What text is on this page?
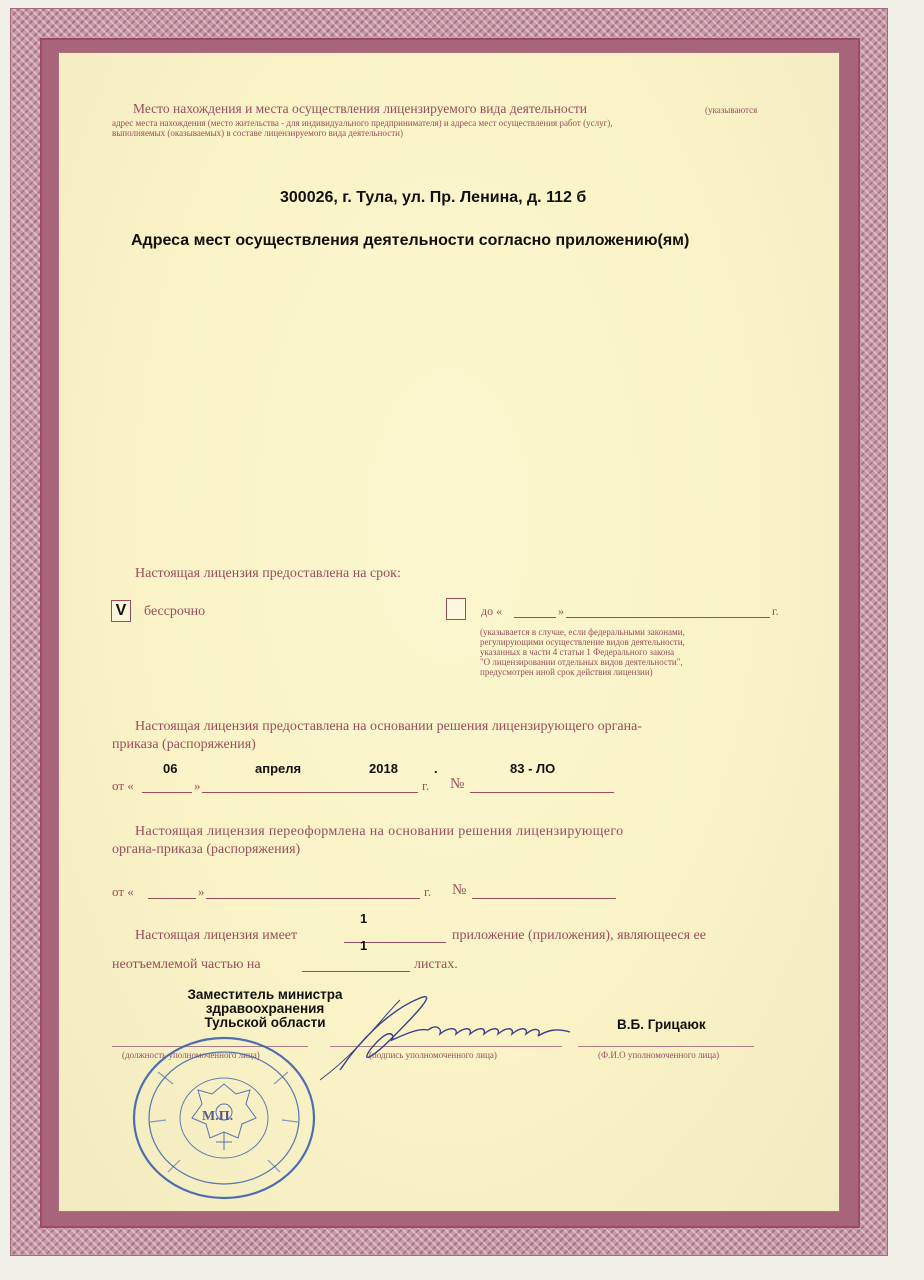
Место нахождения и места осуществления лицензируемого вида деятельности	(указываются
адрес места нахождения (место жительства - для индивидуального предпринимателя) и адреса мест осуществления работ (услуг),
выполняемых (оказываемых) в составе лицензируемого вида деятельности)
300026, г. Тула, ул. Пр. Ленина, д. 112 б
Адреса мест осуществления деятельности согласно приложению(ям)
Настоящая лицензия предоставлена на срок:
V бессрочно	до «	»	г.
(указывается в случае, если федеральными законами,
регулирующими осуществление видов деятельности,
указанных в части 4 статьи 1 Федерального закона
"О лицензировании отдельных видов деятельности",
предусмотрен иной срок действия лицензии)
Настоящая лицензия предоставлена на основании решения лицензирующего органа-
приказа (распоряжения)
06	апреля	2018	.	83 - ЛО
от «	»	г. №
Настоящая лицензия переоформлена на основании решения лицензирующего
органа-приказа (распоряжения)
от «	»	г. №
1
Настоящая лицензия имеет	приложение (приложения), являющееся ее
1
неотъемлемой частью на	листах.
Заместитель министра
здравоохранения
Тульской области	В.Б. Грицаюк
(должность уполномоченного лица)	(подпись уполномоченного лица)	(Ф.И.О уполномоченного лица)
М.П.
